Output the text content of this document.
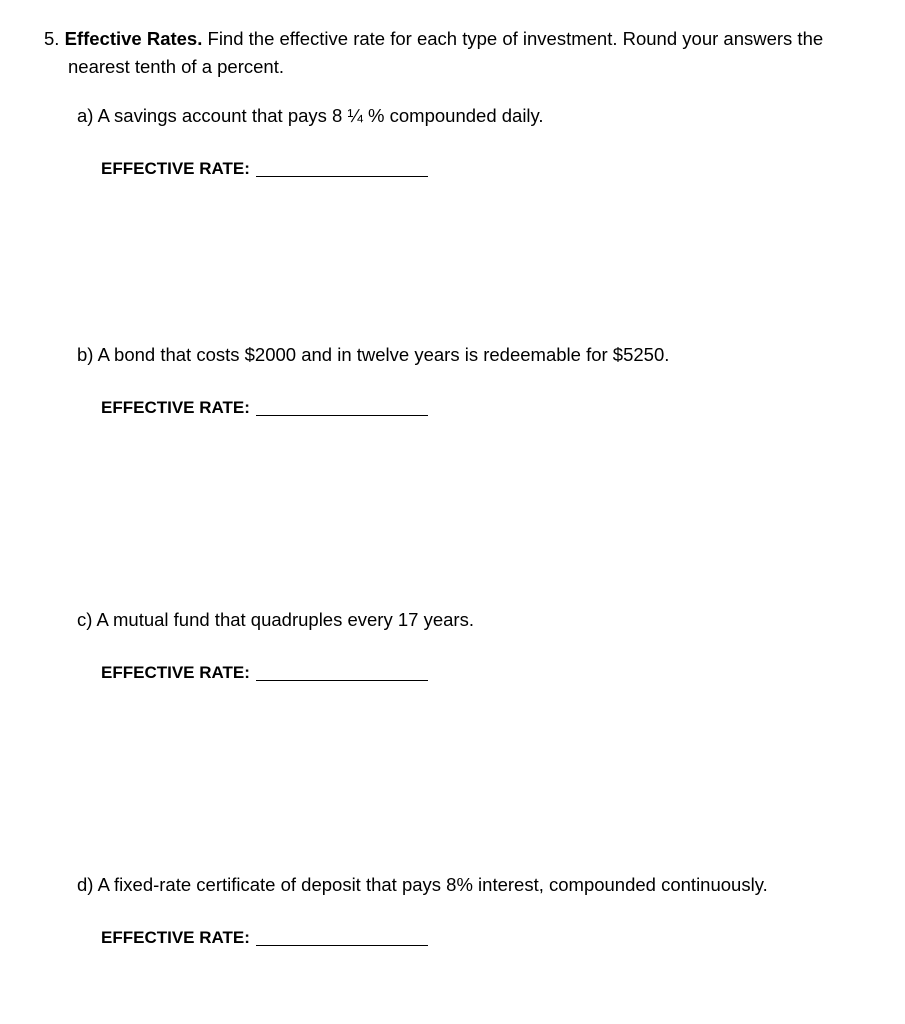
5. Effective Rates. Find the effective rate for each type of investment. Round your answers the
nearest tenth of a percent.
a) A savings account that pays 8 ¼ % compounded daily.
EFFECTIVE RATE:
b) A bond that costs $2000 and in twelve years is redeemable for $5250.
EFFECTIVE RATE:
c) A mutual fund that quadruples every 17 years.
EFFECTIVE RATE:
d) A fixed-rate certificate of deposit that pays 8% interest, compounded continuously.
EFFECTIVE RATE:
